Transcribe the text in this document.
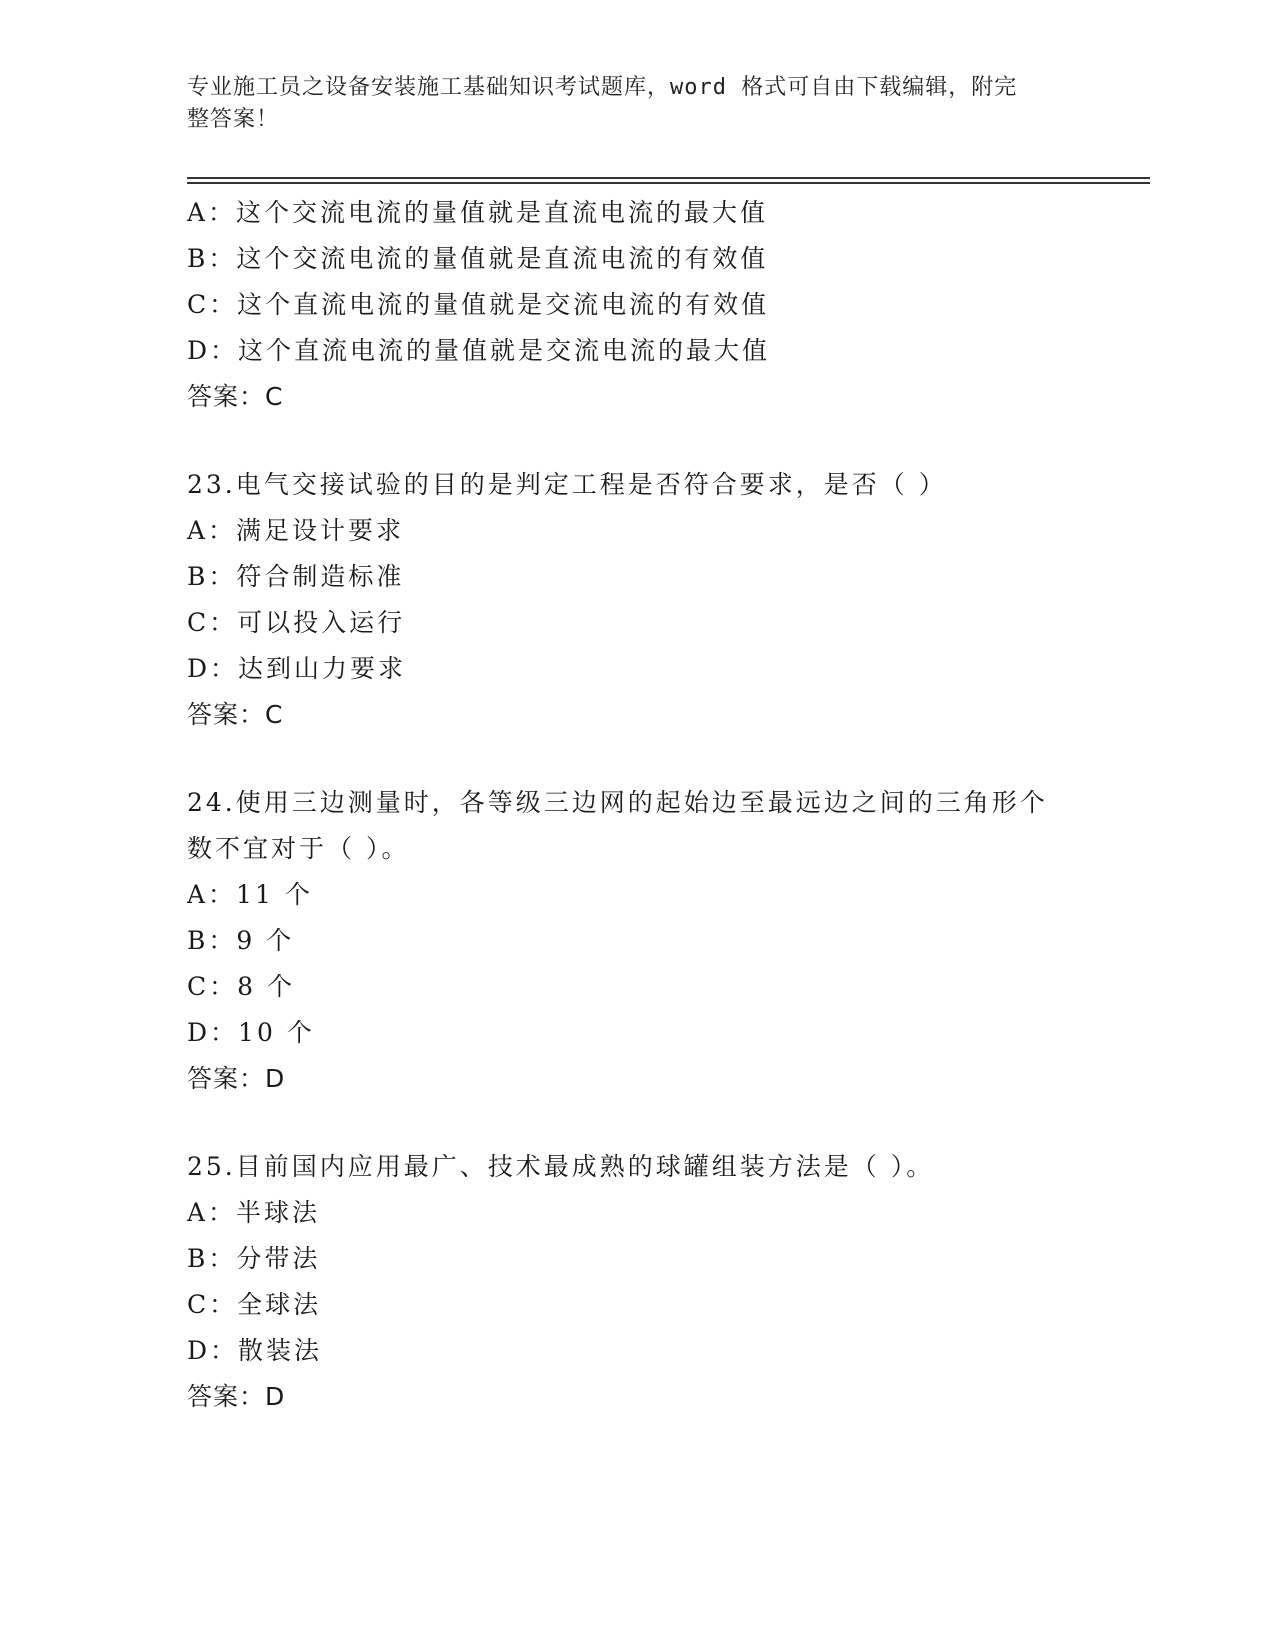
专业施工员之设备安装施工基础知识考试题库，word 格式可自由下载编辑，附完
整答案！
A：这个交流电流的量值就是直流电流的最大值
B：这个交流电流的量值就是直流电流的有效值
C：这个直流电流的量值就是交流电流的有效值
D：这个直流电流的量值就是交流电流的最大值
答案：C
23.电气交接试验的目的是判定工程是否符合要求，是否（ ）
A：满足设计要求
B：符合制造标准
C：可以投入运行
D：达到山力要求
答案：C
24.使用三边测量时，各等级三边网的起始边至最远边之间的三角形个
数不宜对于（ ）。
A：11 个
B：9 个
C：8 个
D：10 个
答案：D
25.目前国内应用最广、技术最成熟的球罐组装方法是（ ）。
A：半球法
B：分带法
C：全球法
D：散装法
答案：D
